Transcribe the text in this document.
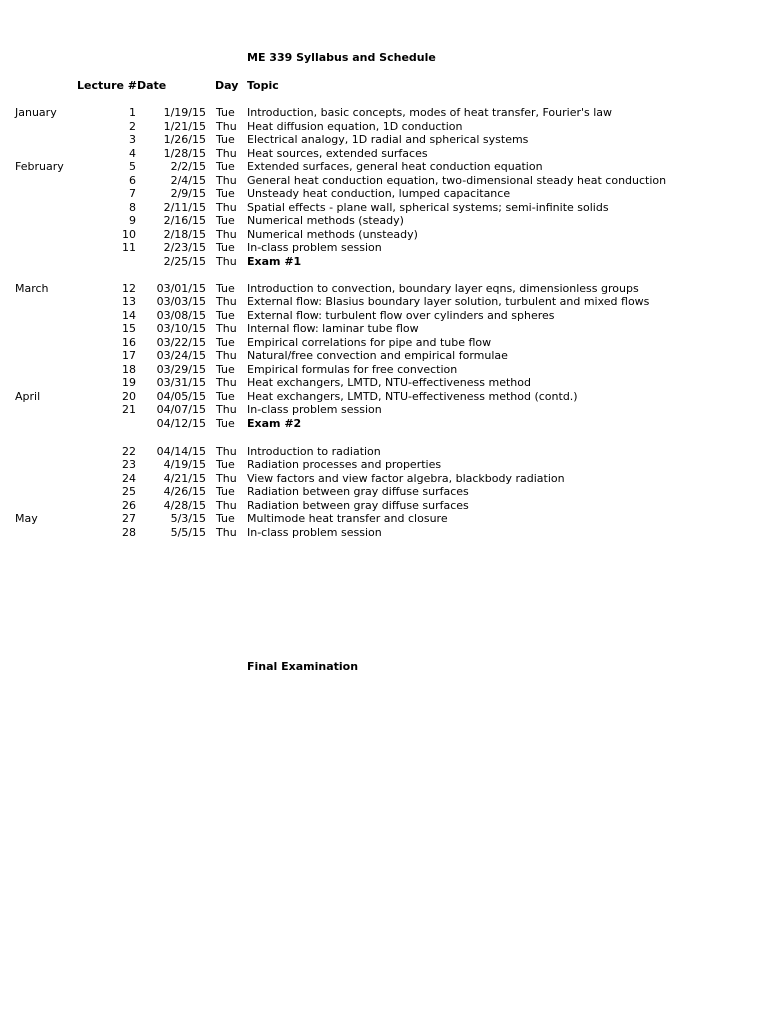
ME 339 Syllabus and Schedule
Lecture # Date	Day Topic
January	1	1/19/15 Tue Introduction, basic concepts, modes of heat transfer, Fourier's law
2	1/21/15 Thu Heat diffusion equation, 1D conduction
3	1/26/15 Tue Electrical analogy, 1D radial and spherical systems
4	1/28/15 Thu Heat sources, extended surfaces
February	5	2/2/15 Tue Extended surfaces, general heat conduction equation
6	2/4/15 Thu General heat conduction equation, two-dimensional steady heat conduction
7	2/9/15 Tue Unsteady heat conduction, lumped capacitance
8	2/11/15 Thu Spatial effects - plane wall, spherical systems; semi-infinite solids
9	2/16/15 Tue Numerical methods (steady)
10	2/18/15 Thu Numerical methods (unsteady)
11	2/23/15 Tue In-class problem session
2/25/15 Thu Exam #1
March	12	03/01/15 Tue Introduction to convection, boundary layer eqns, dimensionless groups
13	03/03/15 Thu External flow: Blasius boundary layer solution, turbulent and mixed flows
14	03/08/15 Tue External flow: turbulent flow over cylinders and spheres
15	03/10/15 Thu Internal flow: laminar tube flow
16	03/22/15 Tue Empirical correlations for pipe and tube flow
17	03/24/15 Thu Natural/free convection and empirical formulae
18	03/29/15 Tue Empirical formulas for free convection
19	03/31/15 Thu Heat exchangers, LMTD, NTU-effectiveness method
April	20	04/05/15 Tue Heat exchangers, LMTD, NTU-effectiveness method (contd.)
21	04/07/15 Thu In-class problem session
04/12/15 Tue Exam #2
22	04/14/15 Thu Introduction to radiation
23	4/19/15 Tue Radiation processes and properties
24	4/21/15 Thu View factors and view factor algebra, blackbody radiation
25	4/26/15 Tue Radiation between gray diffuse surfaces
26	4/28/15 Thu Radiation between gray diffuse surfaces
May	27	5/3/15 Tue Multimode heat transfer and closure
28	5/5/15 Thu In-class problem session
Final Examination
